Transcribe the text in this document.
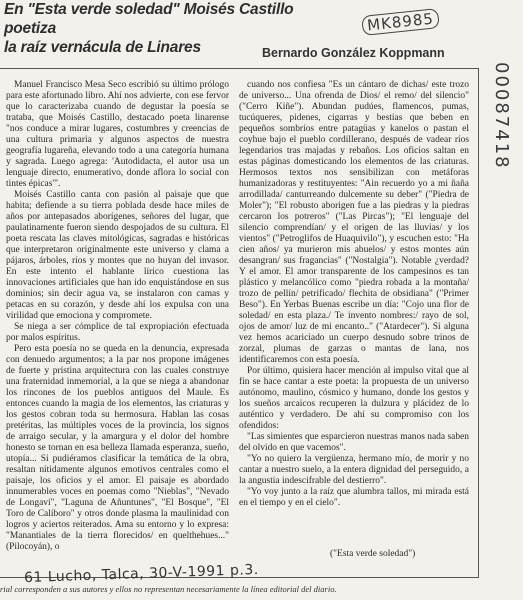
En "Esta verde soledad" Moisés Castillo poetiza
la raíz vernácula de Linares
MK8985
00087418
Bernardo González Koppmann

Manuel Francisco Mesa Seco escribió su último prólogo para este afortunado libro. Ahí nos advierte, con ese fervor que lo caracterizaba cuando de degustar la poesía se trataba, que Moisés Castillo, destacado poeta linarense "nos conduce a mirar lugares, costumbres y creencias de una cultura primaria y algunos aspectos de nuestra geografía lugareña, elevando todo a una categoría humana y sagrada. Luego agrega: 'Autodidacta, el autor usa un lenguaje directo, enumerativo, donde aflora lo social con tintes épicas'".

Moisés Castillo canta con pasión al paisaje que que habita; defiende a su tierra poblada desde hace miles de años por antepasados aborígenes, señores del lugar, que paulatinamente fueron siendo despojados de su cultura. El poeta rescata las claves mitológicas, sagradas e históricas que interpretaron originalmente este universo y clama a pájaros, árboles, ríos y montes que no huyan del invasor. En este intento el hablante lírico cuestiona las innovaciones artificiales que han ido enquistándose en sus dominios; sin decir agua va, se instalaron con camas y petacas en su corazón, y desde ahí los expulsa con una virilidad que emociona y compromete.

Se niega a ser cómplice de tal expropiación efectuada por malos espíritus.

Pero esta poesía no se queda en la denuncia, expresada con denuedo argumentos; a la par nos propone imágenes de fuerte y prístina arquitectura con las cuales construye una fraternidad inmemorial, a la que se niega a abandonar los rincones de los pueblos antiguos del Maule. Es entonces cuando la magia de los elementos, las criaturas y los gestos cobran toda su hermosura. Hablan las cosas pretéritas, las múltiples voces de la provincia, los signos de arraigo secular, y la amargura y el dolor del hombre honesto se tornan en esa belleza llamada esperanza, sueño, utopía... Si pudiéramos clasificar la temática de la obra, resaltan nítidamente algunos emotivos centrales como el paisaje, los oficios y el amor. El paisaje es abordado innumerables voces en poemas como "Nieblas", "Nevado de Longaví", "Laguna de Añuntunes", "El Bosque", "El Toro de Calíboro" y otros donde plasma la maulinidad con logros y aciertos reiterados. Ama su entorno y lo expresa: "Manantiales de la tierra florecidos/ en quelthehues..." (Pilocoyán), o

cuando nos confiesa "Es un cántaro de dichas/ este trozo de universo... Una ofrenda de Dios/ el remo/ del silencio" ("Cerro Kiñe"). Abundan pudúes, flamencos, pumas, tucúqueres, pidenes, cigarras y bestias que beben en pequeños sombríos entre patagüas y kanelos o pastan el coyhue bajo el pueblo cordillerano, después de vadear ríos legendarios tras majadas y rebaños. Los oficios saltan en estas páginas domesticando los elementos de las criaturas. Hermosos textos nos sensibilizan con metáforas humanizadoras y restituyentes: "Ain recuerdo yo a mi ñaña arrodillada/ canturreando dulcemente su deber" ("Piedra de Moler"); "El robusto aborigen fue a las piedras y la piedras cercaron los potreros" ("Las Pircas"); "El lenguaje del silencio comprendían/ y el origen de las lluvias/ y los vientos" ("Petroglifos de Huaquivilo"), y escuchen esto: "Ha cien años/ ya murieron mis abuelos/ y estos montes aún desangran/ sus fragancias" ("Nostalgia"). Notable ¿verdad? Y el amor. El amor transparente de los campesinos es tan plástico y melancólico como "piedra robada a la montaña/ trozo de pellín/ petrificado/ flechita de obsidiana" ("Primer Beso"). En Yerbas Buenas escribe un día: "Cojo una flor de soledad/ en esta plaza./ Te invento nombres:/ rayo de sol, ojos de amor/ luz de mi encanto.." ("Atardecer"). Si alguna vez hemos acariciado un cuerpo desnudo sobre trinos de zorzal, plumas de garzas o mantas de lana, nos identificaremos con esta poesía.

Por último, quisiera hacer mención al impulso vital que al fin se hace cantar a este poeta: la propuesta de un universo autónomo, maulino, cósmico y humano, donde los gestos y los sueños arcaicos recuperen la dulzura y plácidez de lo auténtico y verdadero. De ahí su compromiso con los ofendidos:

"Las simientes que esparcieron nuestras manos nada saben del olvido en que vacemos".

"Yo no quiero la vergüenza, hermano mío, de morir y no cantar a nuestro suelo, a la entera dignidad del perseguido, a la angustia indescifrable del destierro".

"Yo voy junto a la raíz que alumbra tallos, mi mirada está en el tiempo y en el cielo".

("Esta verde soledad")
61 Lucho, Talca, 30-V-1991 p.3.
rial corresponden a sus autores y ellos no representan necesariamente la línea editorial del diario.
